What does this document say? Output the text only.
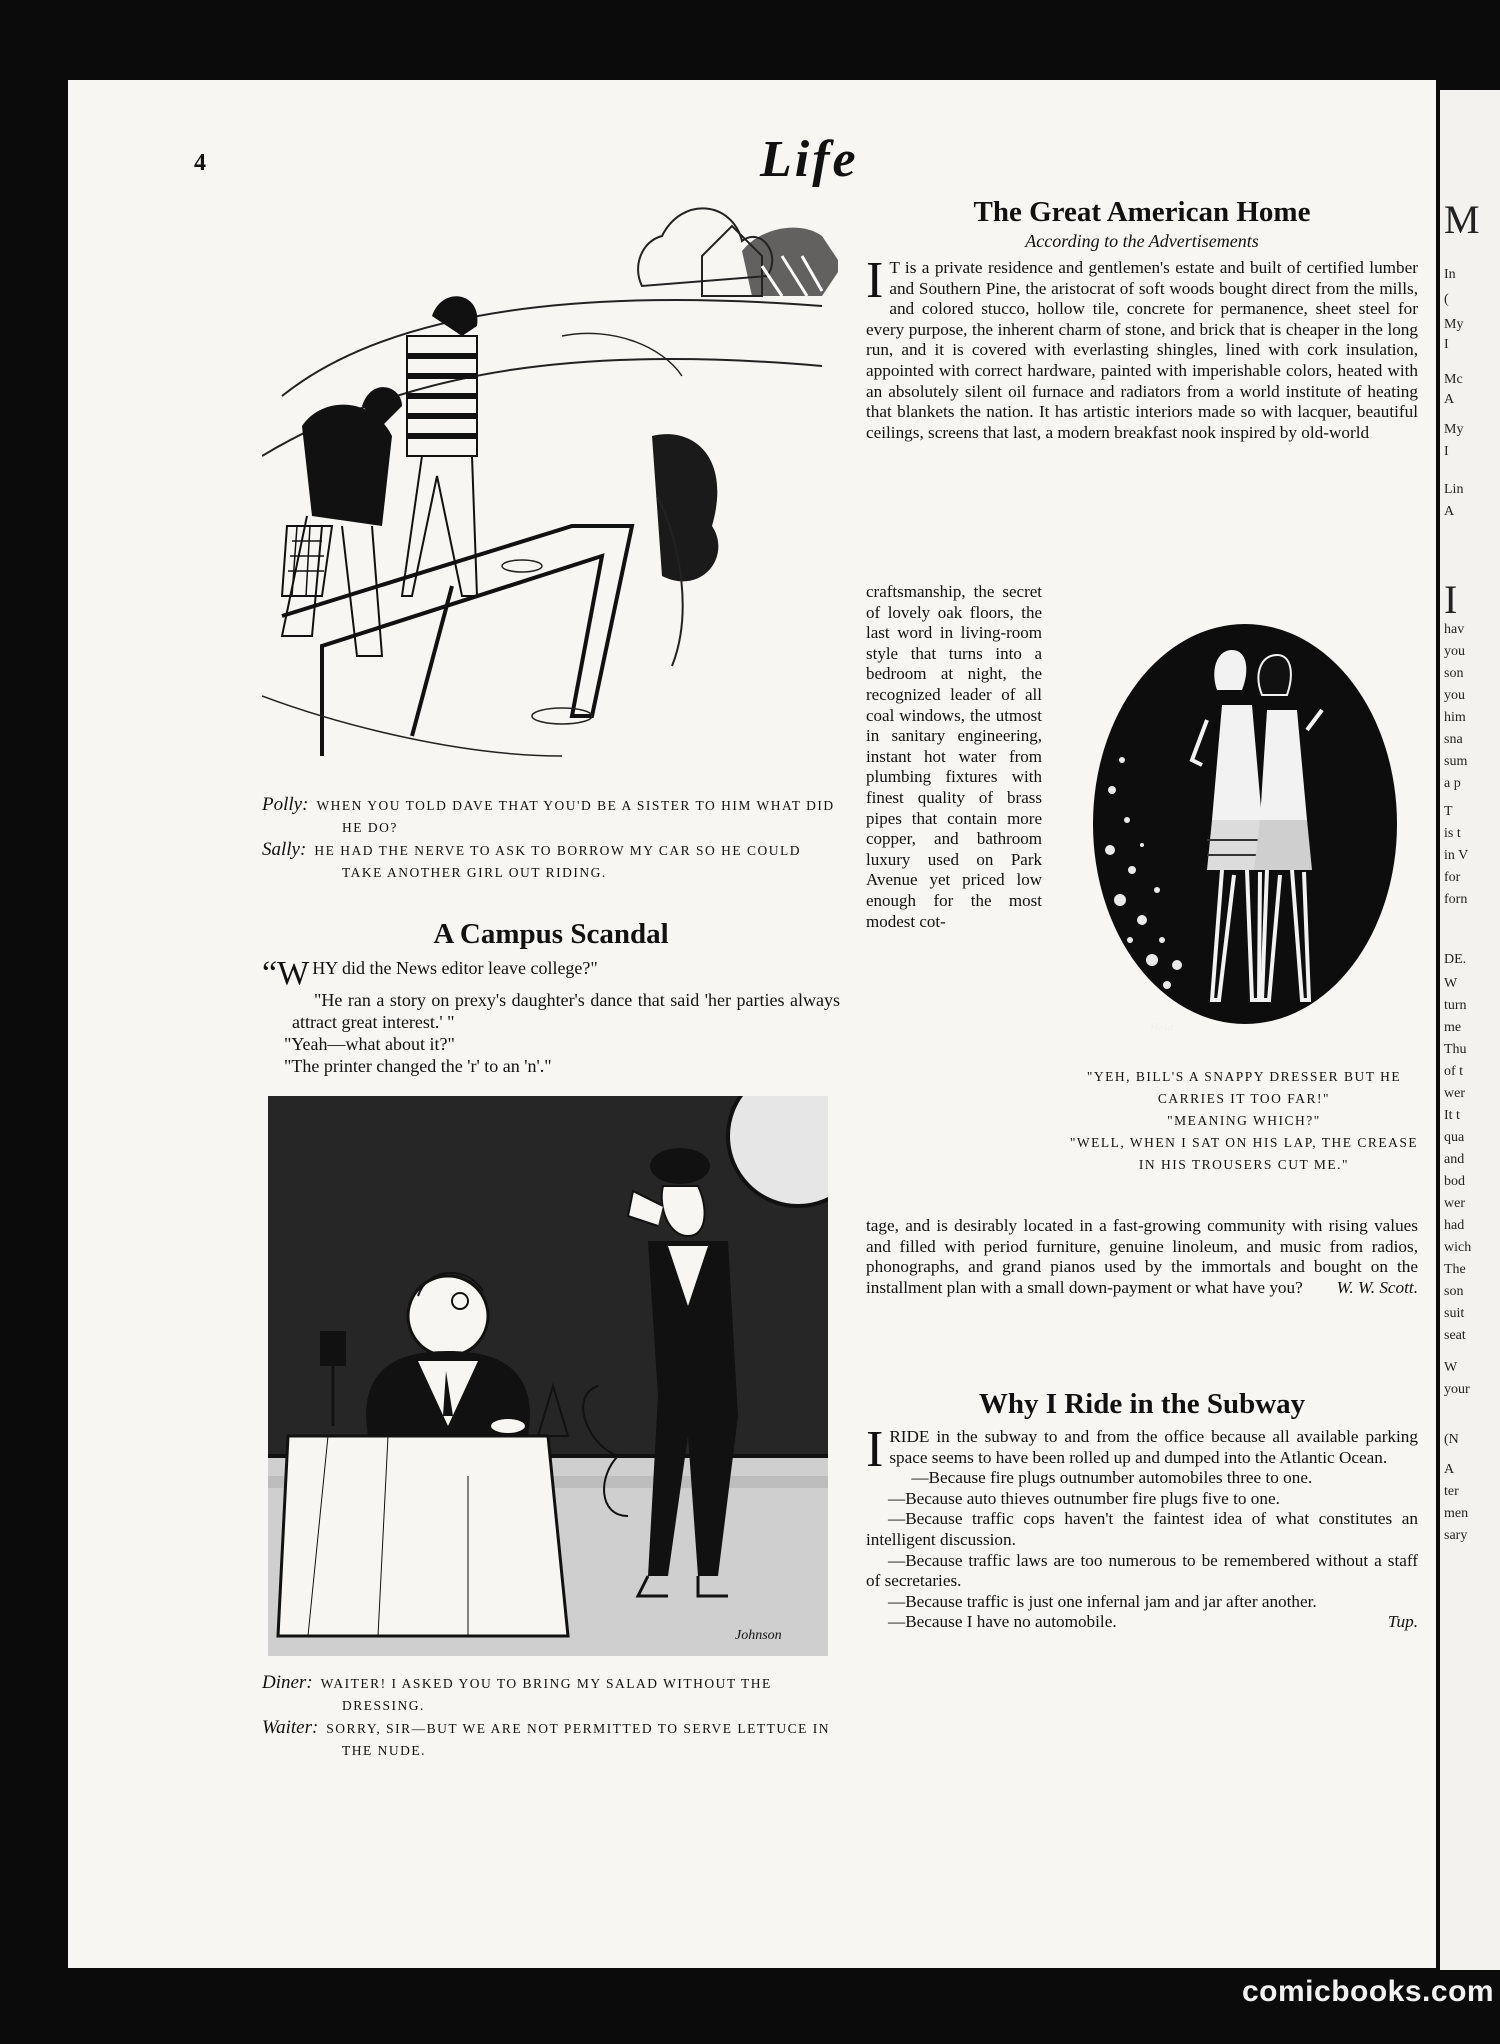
M
In
(
My
I
Mc
A
My
I
Lin
A
I
hav
you
son
you
him
sna
sum
a p
T
is t
in V
for
forn
DE.
W
turn
me
Thu
of t
wer
It t
qua
and
bod
wer
had
wich
The
son
suit
seat
W
your
(N
A
ter
men
sary
4	Life
Polly: WHEN YOU TOLD DAVE THAT YOU'D BE A SISTER TO HIM WHAT DID HE DO?
Sally: HE HAD THE NERVE TO ASK TO BORROW MY CAR SO HE COULD TAKE ANOTHER GIRL OUT RIDING.
A Campus Scandal

“WHY did the News editor leave college?"
"He ran a story on prexy's daughter's dance that said 'her parties always attract great interest.' "
"Yeah—what about it?"
"The printer changed the 'r' to an 'n'."

Johnson
Diner: WAITER! I ASKED YOU TO BRING MY SALAD WITHOUT THE DRESSING.
Waiter: SORRY, SIR—BUT WE ARE NOT PERMITTED TO SERVE LETTUCE IN THE NUDE.
The Great American Home
According to the Advertisements

I T is a private residence and gentlemen's estate and built of certified lumber and Southern Pine, the aristocrat of soft woods bought direct from the mills, and colored stucco, hollow tile, concrete for permanence, sheet steel for every purpose, the inherent charm of stone, and brick that is cheaper in the long run, and it is covered with everlasting shingles, lined with cork insulation, appointed with correct hardware, painted with imperishable colors, heated with an absolutely silent oil furnace and radiators from a world institute of heating that blankets the nation. It has artistic interiors made so with lacquer, beautiful ceilings, screens that last, a modern breakfast nook inspired by old-world

craftsmanship, the secret of lovely oak floors, the last word in living-room style that turns into a bedroom at night, the recognized leader of all coal windows, the utmost in sanitary engineering, instant hot water from plumbing fixtures with finest quality of brass pipes that contain more copper, and bathroom luxury used on Park Avenue yet priced low enough for the most modest cot-

Held
"YEH, BILL'S A SNAPPY DRESSER BUT HE CARRIES IT TOO FAR!"
"MEANING WHICH?"
"WELL, WHEN I SAT ON HIS LAP, THE CREASE IN HIS TROUSERS CUT ME."

tage, and is desirably located in a fast-growing community with rising values and filled with period furniture, genuine linoleum, and music from radios, phonographs, and grand pianos used by the immortals and bought on the installment plan with a small down-payment or what have you? W. W. Scott.

Why I Ride in the Subway

IRIDE in the subway to and from the office because all available parking space seems to have been rolled up and dumped into the Atlantic Ocean.

—Because fire plugs outnumber automobiles three to one.

—Because auto thieves outnumber fire plugs five to one.

—Because traffic cops haven't the faintest idea of what constitutes an intelligent discussion.

—Because traffic laws are too numerous to be remembered without a staff of secretaries.

—Because traffic is just one infernal jam and jar after another.

—Because I have no automobile.	Tup.

comicbooks.com
